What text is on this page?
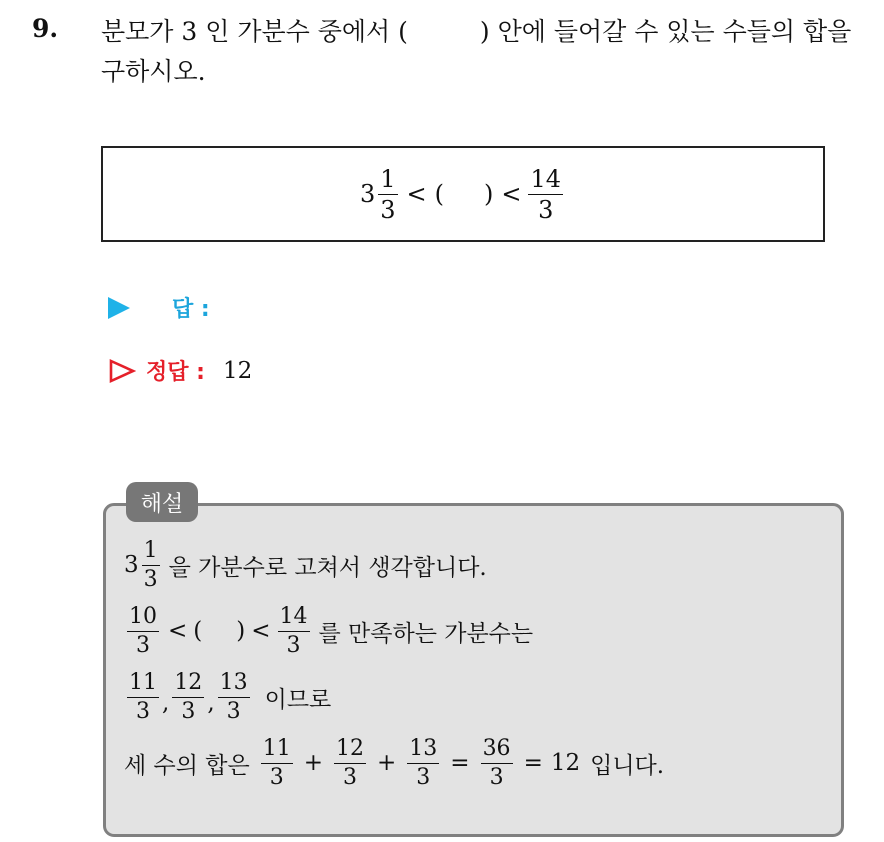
9. 분모가 3 인 가분수 중에서 (	) 안에 들어갈 수 있는 수들의 합을 구하시오.
$3 \frac{1}{3}$ < ( ) < $\frac{14}{3}$
답 :
정답 : 12
해설
$3 \frac{1}{3}$ 을 가분수로 고쳐서 생각합니다.
$\frac{10}{3}$ < ( ) < $\frac{14}{3}$ 를 만족하는 가분수는
$\frac{11}{3}$ , $\frac{12}{3}$ , $\frac{13}{3}$ 이므로
세 수의 합은 $\frac{11}{3} + \frac{12}{3} + \frac{13}{3} = \frac{36}{3} = 12$ 입니다.
